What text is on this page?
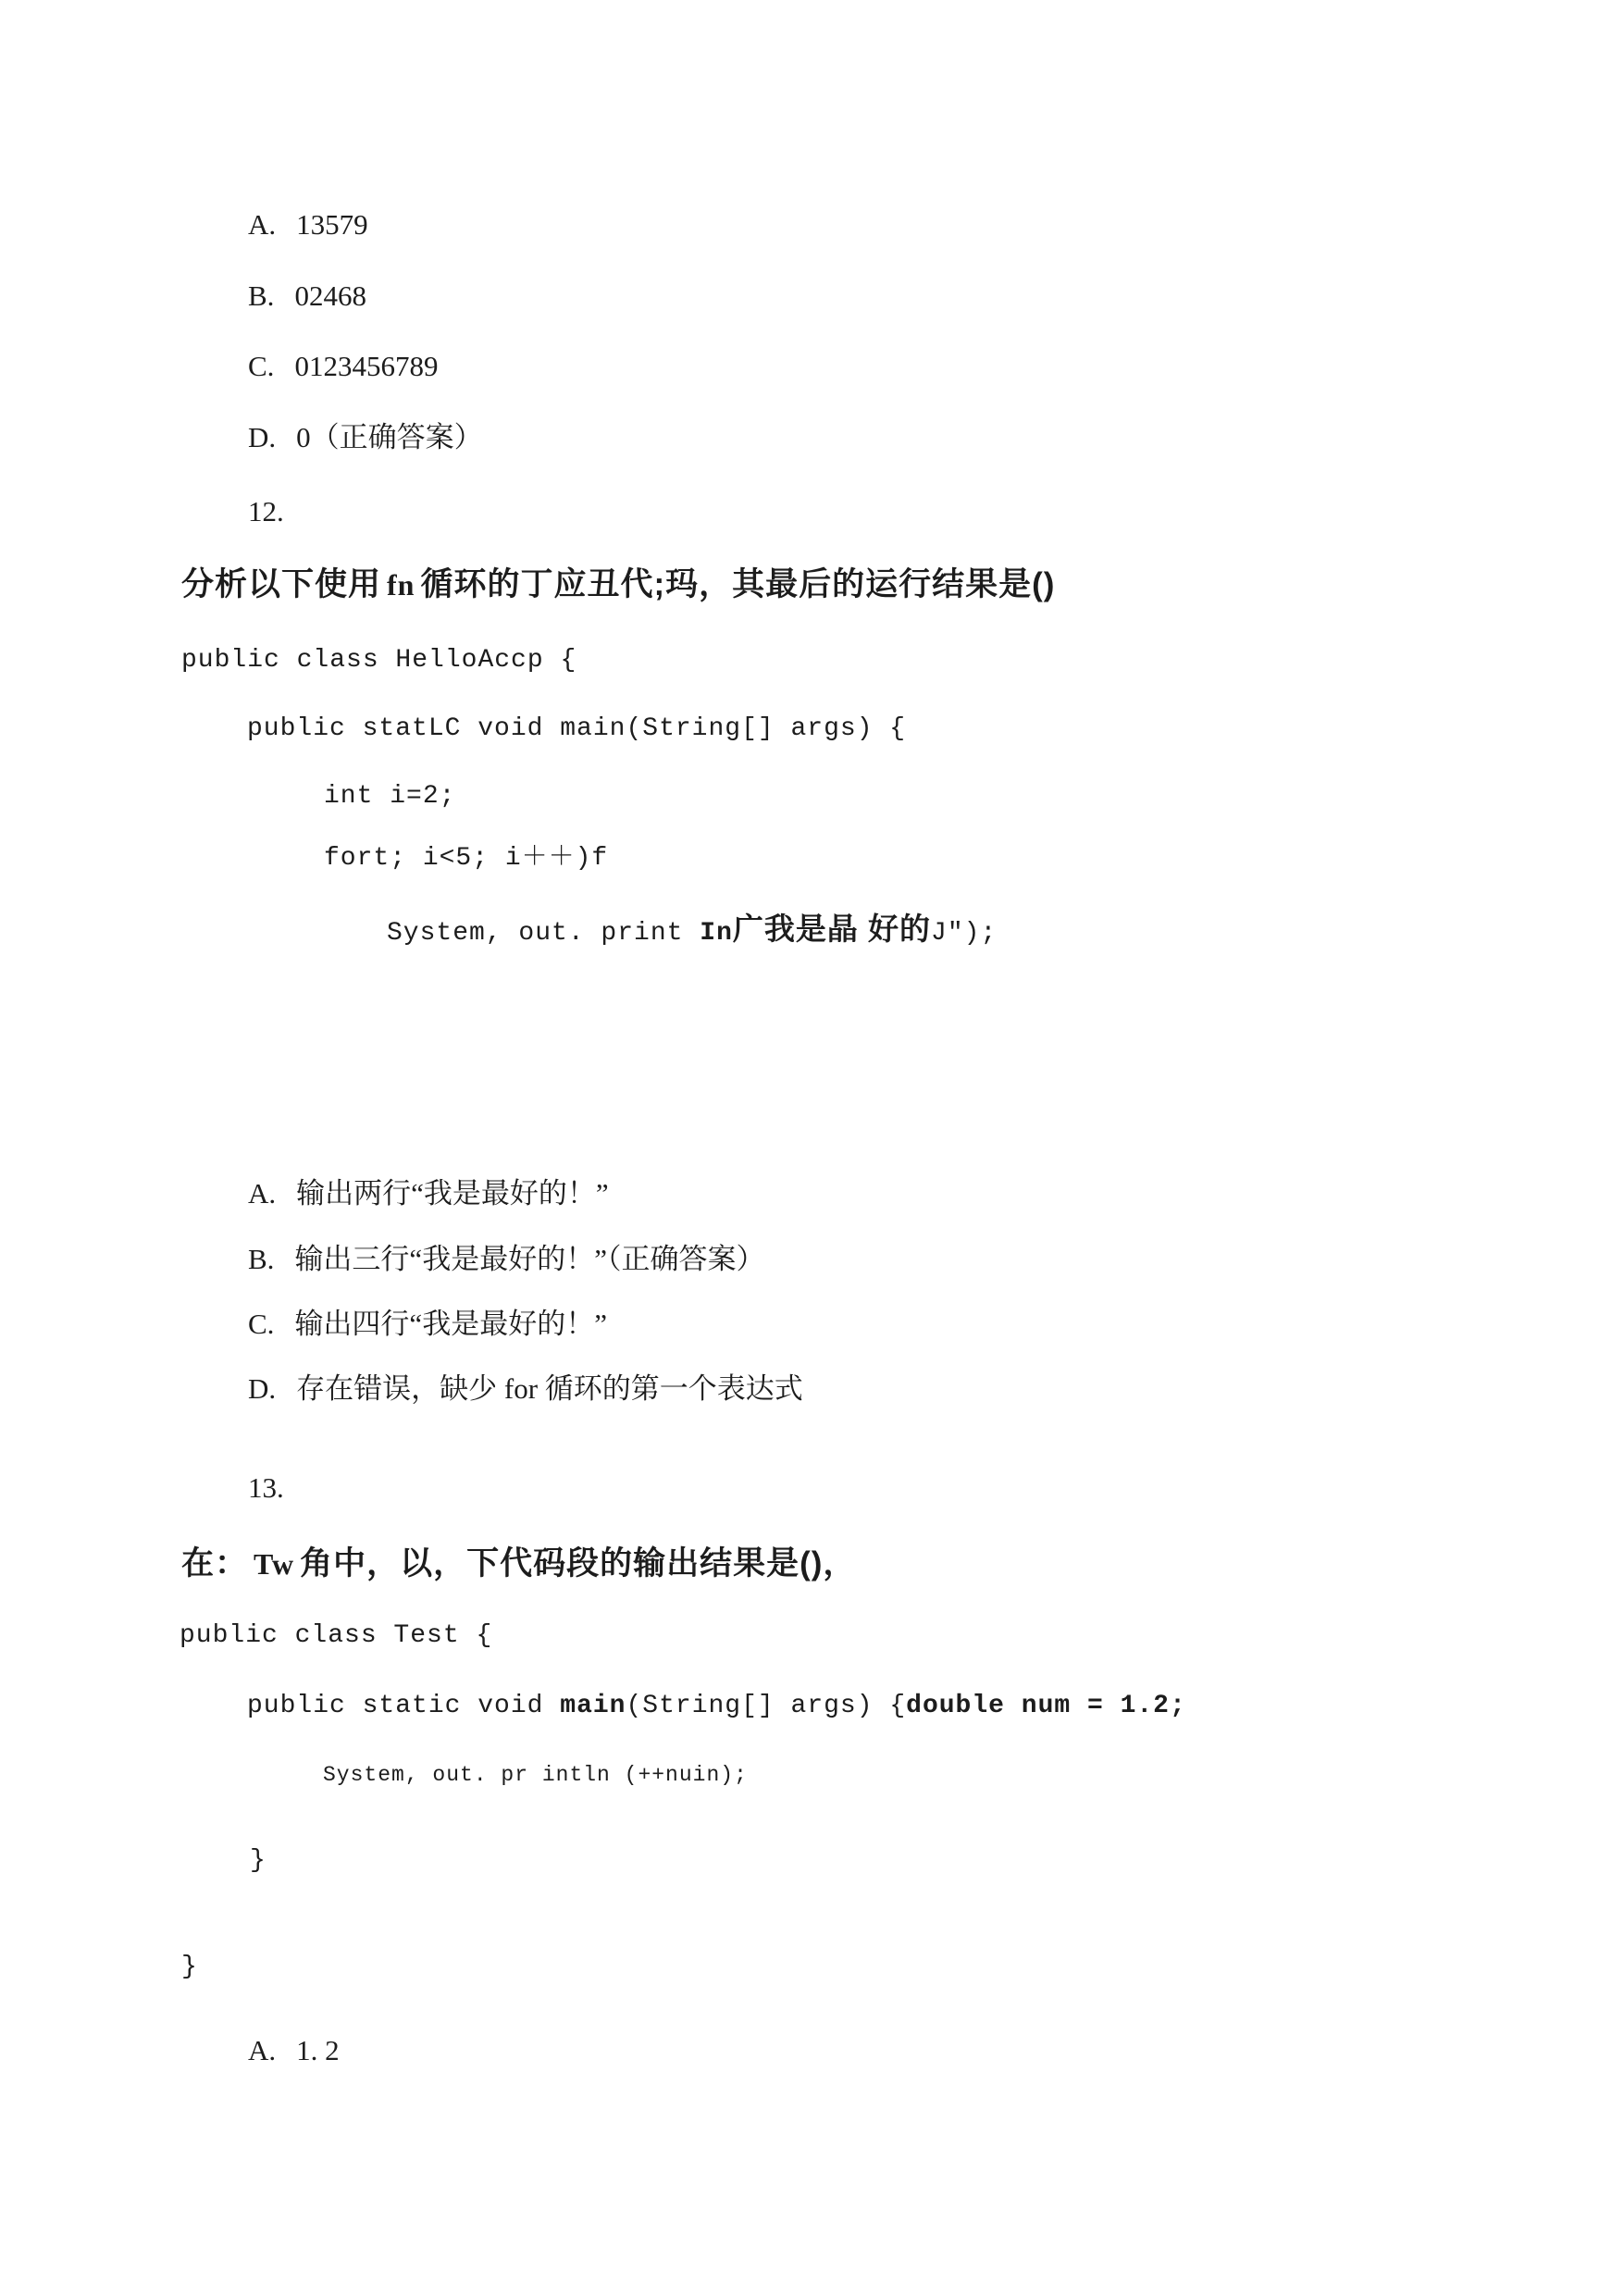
A. 13579

B. 02468

C. 0123456789

D. 0（正确答案）

12.

分析以下使用 fn 循环的丁应丑代;玛，其最后的运行结果是()

public class HelloAccp {

public statLC void main(String[] args) {

int i=2;

fort; i<5; i＋＋)f

System, out. print In广我是晶 好的J″);

A. 输出两行“我是最好的！”

B. 输出三行“我是最好的！”（正确答案）

C. 输出四行“我是最好的！”

D. 存在错误，缺少 for 循环的第一个表达式

13.

在： Tw 角中，以，下代码段的输出结果是()，

public class Test {

public static void main(String[] args) {double num = 1.2;

System, out. pr intln (++nuin);

}

}

A. 1. 2
